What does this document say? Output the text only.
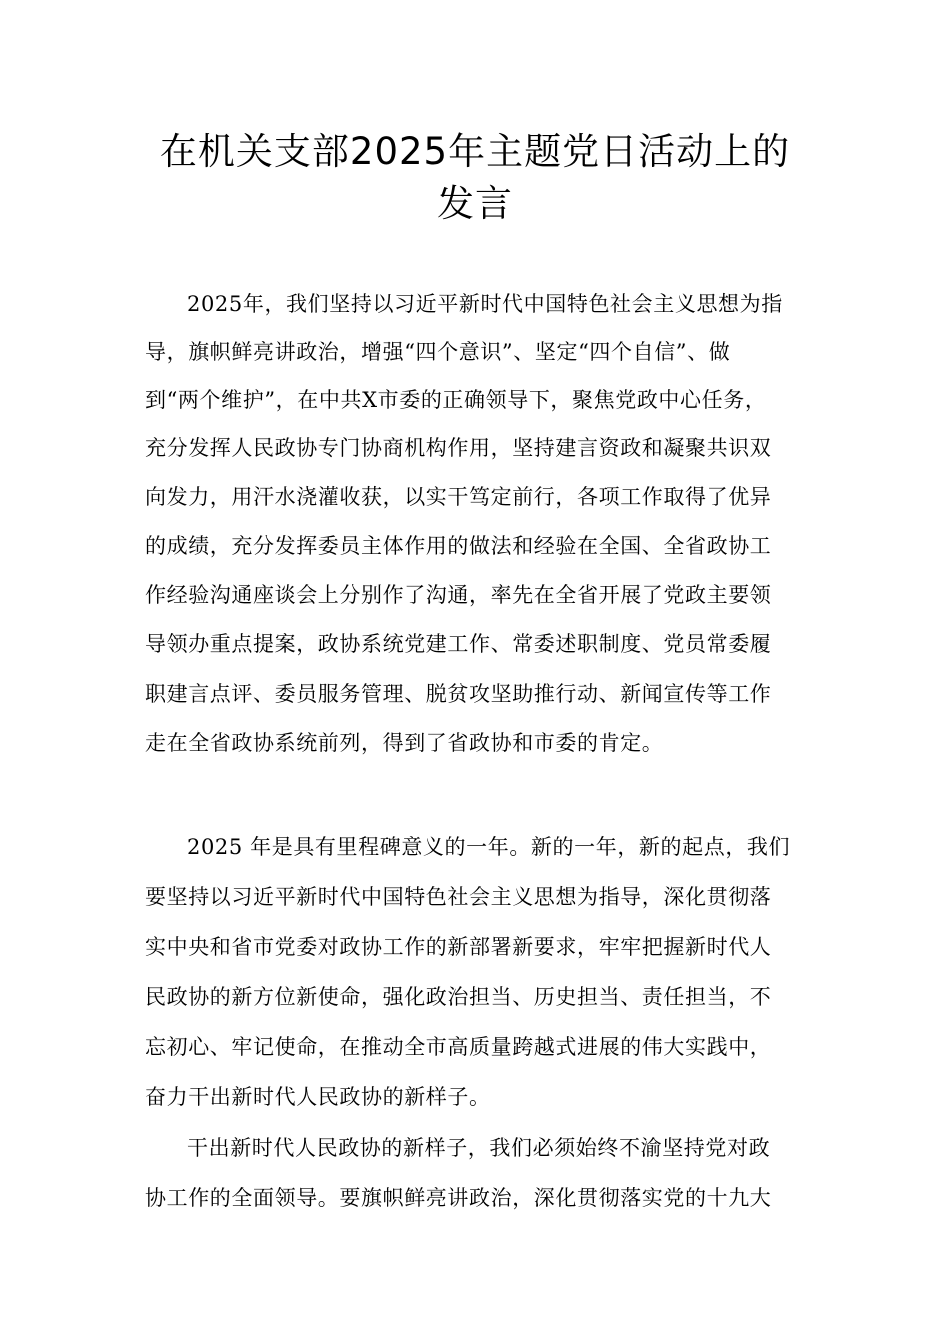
在机关支部2025年主题党日活动上的
发言
2025年，我们坚持以习近平新时代中国特色社会主义思想为指
导，旗帜鲜亮讲政治，增强“四个意识”、坚定“四个自信”、做
到“两个维护”，在中共X市委的正确领导下，聚焦党政中心任务，
充分发挥人民政协专门协商机构作用，坚持建言资政和凝聚共识双
向发力，用汗水浇灌收获，以实干笃定前行，各项工作取得了优异
的成绩，充分发挥委员主体作用的做法和经验在全国、全省政协工
作经验沟通座谈会上分别作了沟通，率先在全省开展了党政主要领
导领办重点提案，政协系统党建工作、常委述职制度、党员常委履
职建言点评、委员服务管理、脱贫攻坚助推行动、新闻宣传等工作
走在全省政协系统前列，得到了省政协和市委的肯定。
2025 年是具有里程碑意义的一年。新的一年，新的起点，我们
要坚持以习近平新时代中国特色社会主义思想为指导，深化贯彻落
实中央和省市党委对政协工作的新部署新要求，牢牢把握新时代人
民政协的新方位新使命，强化政治担当、历史担当、责任担当，不
忘初心、牢记使命，在推动全市高质量跨越式进展的伟大实践中，
奋力干出新时代人民政协的新样子。
干出新时代人民政协的新样子，我们必须始终不渝坚持党对政
协工作的全面领导。要旗帜鲜亮讲政治，深化贯彻落实党的十九大
